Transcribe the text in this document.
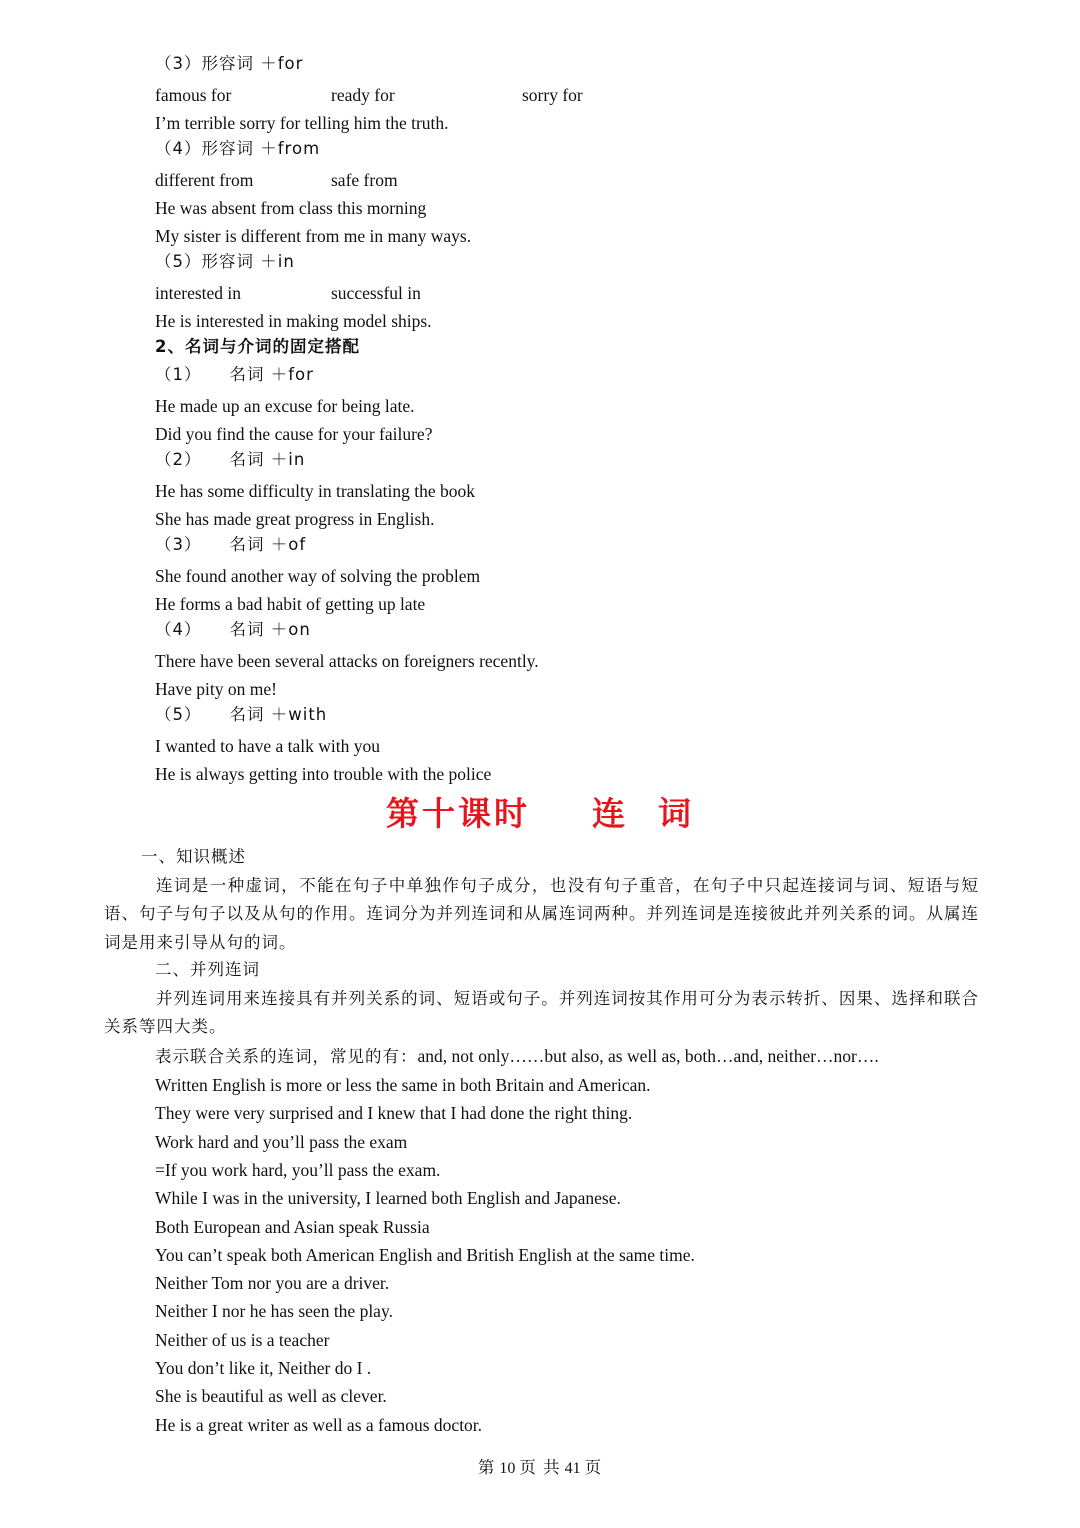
（3）形容词 ＋for
famous for	ready for	sorry for
I’m terrible sorry for telling him the truth.
（4）形容词 ＋from
different from	safe from
He was absent from class this morning
My sister is different from me in many ways.
（5）形容词 ＋in
interested in	successful in
He is interested in making model ships.
2、名词与介词的固定搭配
（1） 名词 ＋for
He made up an excuse for being late.
Did you find the cause for your failure?
（2） 名词 ＋in
He has some difficulty in translating the book
She has made great progress in English.
（3） 名词 ＋of
She found another way of solving the problem
He forms a bad habit of getting up late
（4） 名词 ＋on
There have been several attacks on foreigners recently.
Have pity on me!
（5） 名词 ＋with
I wanted to have a talk with you
He is always getting into trouble with the police
第十课时 连 词
一、知识概述
连词是一种虚词，不能在句子中单独作句子成分，也没有句子重音，在句子中只起连接词与词、短语与短语、句子与句子以及从句的作用。连词分为并列连词和从属连词两种。并列连词是连接彼此并列关系的词。从属连词是用来引导从句的词。
二、并列连词
并列连词用来连接具有并列关系的词、短语或句子。并列连词按其作用可分为表示转折、因果、选择和联合关系等四大类。
表示联合关系的连词，常见的有：and, not only……but also, as well as, both…and, neither…nor….
Written English is more or less the same in both Britain and American.
They were very surprised and I knew that I had done the right thing.
Work hard and you’ll pass the exam
=If you work hard, you’ll pass the exam.
While I was in the university, I learned both English and Japanese.
Both European and Asian speak Russia
You can’t speak both American English and British English at the same time.
Neither Tom nor you are a driver.
Neither I nor he has seen the play.
Neither of us is a teacher
You don’t like it, Neither do I .
She is beautiful as well as clever.
He is a great writer as well as a famous doctor.
第 10 页 共 41 页
